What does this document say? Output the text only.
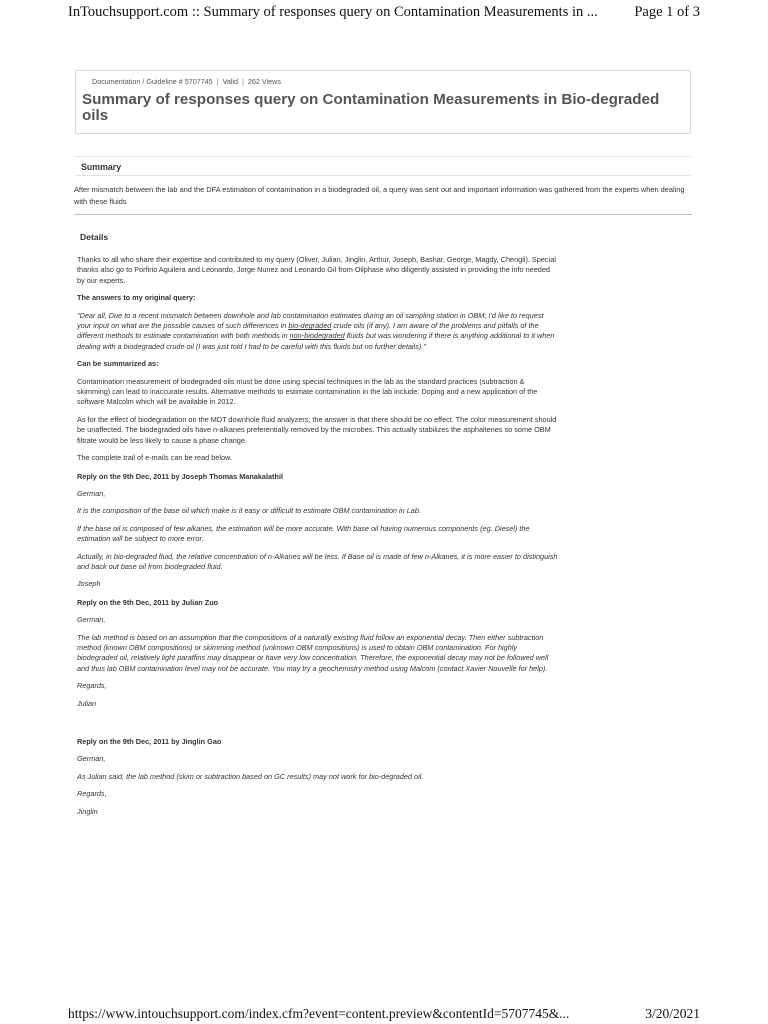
InTouchsupport.com :: Summary of responses query on Contamination Measurements in ...	Page 1 of 3
Documentation / Guideline # 5707745 | Valid | 262 Views
Summary of responses query on Contamination Measurements in Bio-degraded oils
Summary
After mismatch between the lab and the DFA estimation of contamination in a biodegraded oil, a query was sent out and important information was gathered from the experts when dealing with these fluids
Details

Thanks to all who share their expertise and contributed to my query (Oliver, Julian, Jinglin, Arthur, Joseph, Bashar, George, Magdy, Chengli). Special thanks also go to Porfirio Aguilera and Leonardo, Jorge Nunez and Leonardo Gil from Oilphase who diligently assisted in providing the info needed by our experts.

The answers to my original query:

"Dear all, Due to a recent mismatch between downhole and lab contamination estimates during an oil sampling station in OBM; I'd like to request your input on what are the possible causes of such differences in bio-degraded crude oils (if any). I am aware of the problems and pitfalls of the different methods to estimate contamination with both methods in non-biodegraded fluids but was wondering if there is anything additional to it when dealing with a biodegraded crude oil (I was just told I had to be careful with this fluids but no further details)."

Can be summarized as:

Contamination measurement of biodegraded oils must be done using special techniques in the lab as the standard practices (subtraction & skimming) can lead to inaccurate results. Alternative methods to estimate contamination in the lab include: Doping and a new application of the software Malcolm which will be available in 2012.

As for the effect of biodegradation on the MDT downhole fluid analyzers; the answer is that there should be no effect. The color measurement should be unaffected. The biodegraded oils have n-alkanes preferentially removed by the microbes. This actually stabilizes the asphaltenes so some OBM filtrate would be less likely to cause a phase change.

The complete trail of e-mails can be read below.

Reply on the 9th Dec, 2011 by Joseph Thomas Manakalathil

German,

It is the composition of the base oil which make is it easy or difficult to estimate OBM contamination in Lab.

If the base oil is composed of few alkanes, the estimation will be more accurate. With base oil having numerous components (eg. Diesel) the estimation will be subject to more error.

Actually, in bio-degraded fluid, the relative concentration of n-Alkanes will be less. If Base oil is made of few n-Alkanes, it is more easier to distinguish and back out base oil from biodegraded fluid.

Joseph

Reply on the 9th Dec, 2011 by Julian Zuo

German,

The lab method is based on an assumption that the compositions of a naturally existing fluid follow an exponential decay. Then either subtraction method (known OBM compositions) or skimming method (unknown OBM compositions) is used to obtain OBM contamination. For highly biodegraded oil, relatively light paraffins may disappear or have very low concentration. Therefore, the exponential decay may not be followed well and thus lab OBM contamination level may not be accurate. You may try a geochemistry method using Malcom (contact Xavier Nouvelle for help).

Regards,

Julian

Reply on the 9th Dec, 2011 by Jinglin Gao

German,

As Julian said, the lab method (skim or subtraction based on GC results) may not work for bio-degraded oil.

Regards,

Jinglin

https://www.intouchsupport.com/index.cfm?event=content.preview&contentId=5707745&...	3/20/2021
